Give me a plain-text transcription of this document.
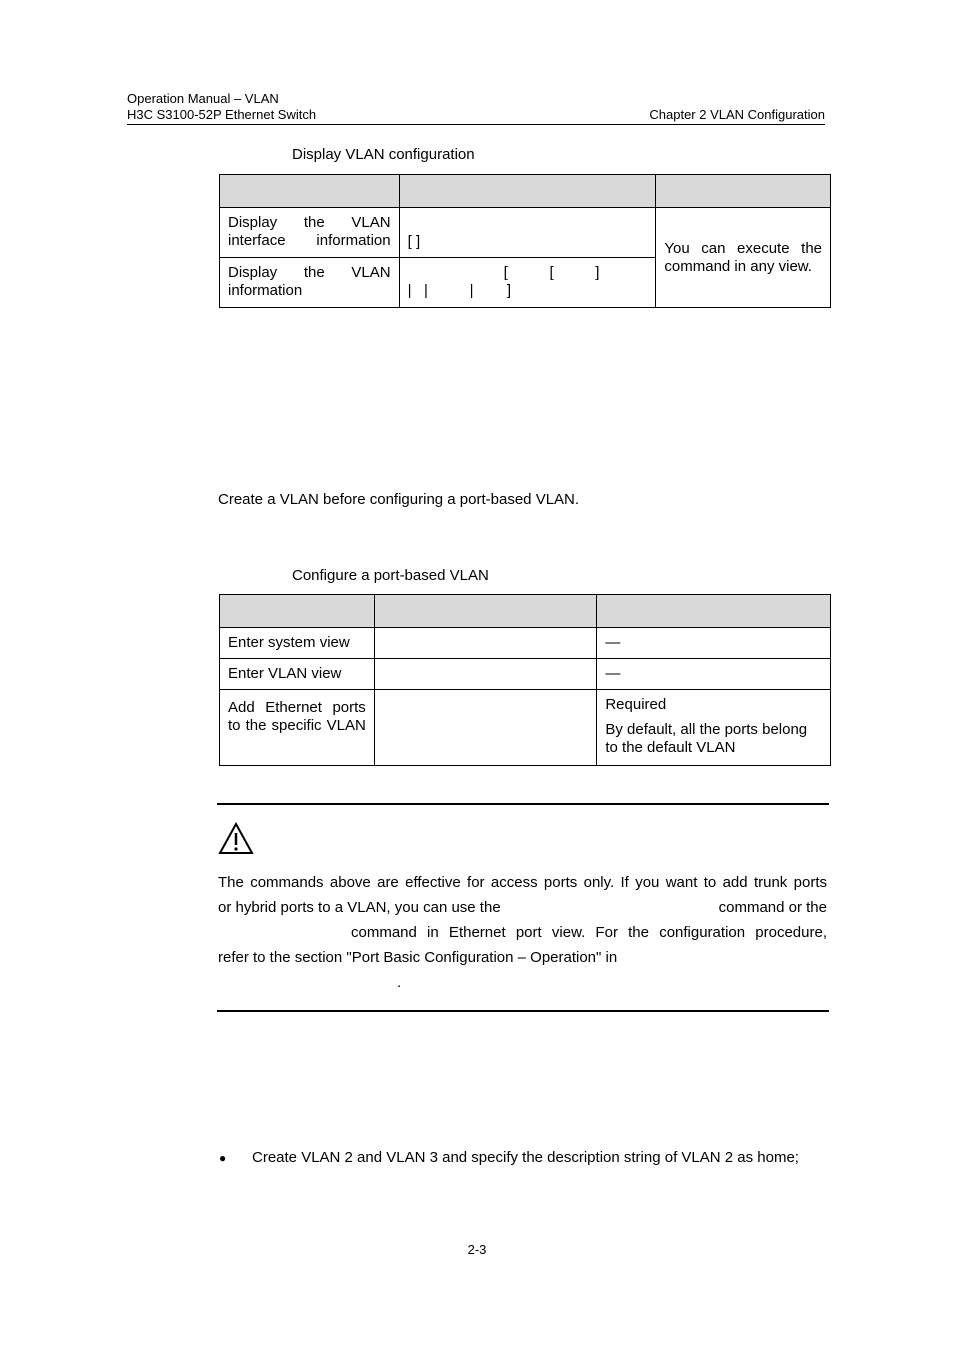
Operation Manual – VLAN
H3C S3100-52P Ethernet Switch	Chapter 2 VLAN Configuration
Display VLAN configuration

Display the VLAN interface information	[ ]	You can execute the command in any view.
Display the VLAN information	[          [          ]
|   |          |        ]	
Create a VLAN before configuring a port-based VLAN.
Configure a port-based VLAN

Enter system view		—
Enter VLAN view		—
Add Ethernet ports to the specific VLAN		Required
By default, all the ports belong to the default VLAN
The commands above are effective for access ports only. If you want to add trunk ports
or hybrid ports to a VLAN, you can use the	command or the
command in Ethernet port view. For the configuration procedure,
refer to the section "Port Basic Configuration – Operation" in
.
● Create VLAN 2 and VLAN 3 and specify the description string of VLAN 2 as home;
2-3
